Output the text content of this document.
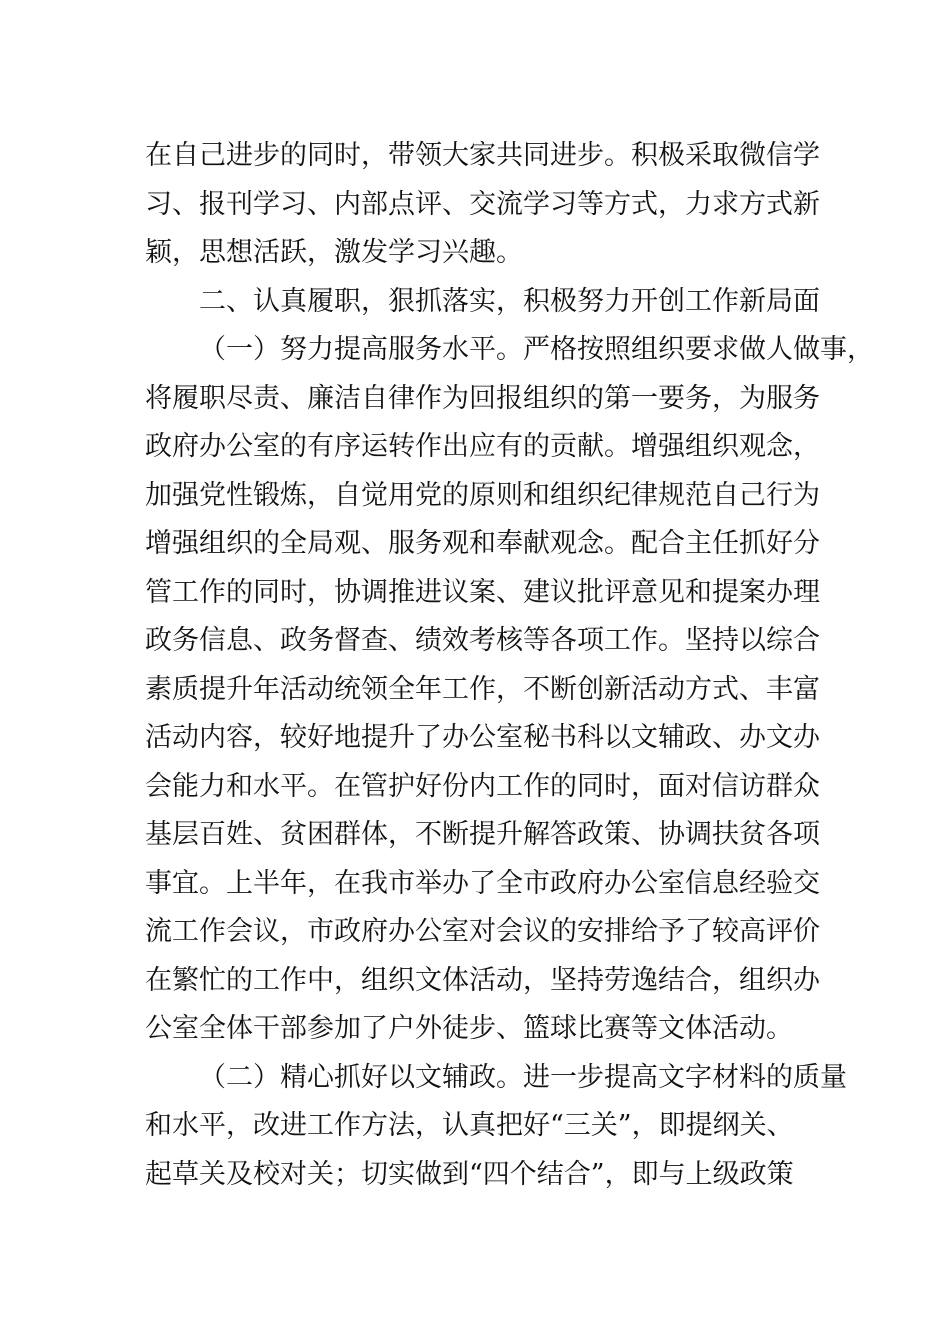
在自己进步的同时，带领大家共同进步。积极采取微信学
习、报刊学习、内部点评、交流学习等方式，力求方式新
颖，思想活跃，激发学习兴趣。
二、认真履职，狠抓落实，积极努力开创工作新局面
（一）努力提高服务水平。严格按照组织要求做人做事，
将履职尽责、廉洁自律作为回报组织的第一要务，为服务
政府办公室的有序运转作出应有的贡献。增强组织观念，
加强党性锻炼，自觉用党的原则和组织纪律规范自己行为
增强组织的全局观、服务观和奉献观念。配合主任抓好分
管工作的同时，协调推进议案、建议批评意见和提案办理
政务信息、政务督查、绩效考核等各项工作。坚持以综合
素质提升年活动统领全年工作，不断创新活动方式、丰富
活动内容，较好地提升了办公室秘书科以文辅政、办文办
会能力和水平。在管护好份内工作的同时，面对信访群众
基层百姓、贫困群体，不断提升解答政策、协调扶贫各项
事宜。上半年，在我市举办了全市政府办公室信息经验交
流工作会议，市政府办公室对会议的安排给予了较高评价
在繁忙的工作中，组织文体活动，坚持劳逸结合，组织办
公室全体干部参加了户外徒步、篮球比赛等文体活动。
（二）精心抓好以文辅政。进一步提高文字材料的质量
和水平，改进工作方法，认真把好“三关”，即提纲关、
起草关及校对关；切实做到“四个结合”，即与上级政策
